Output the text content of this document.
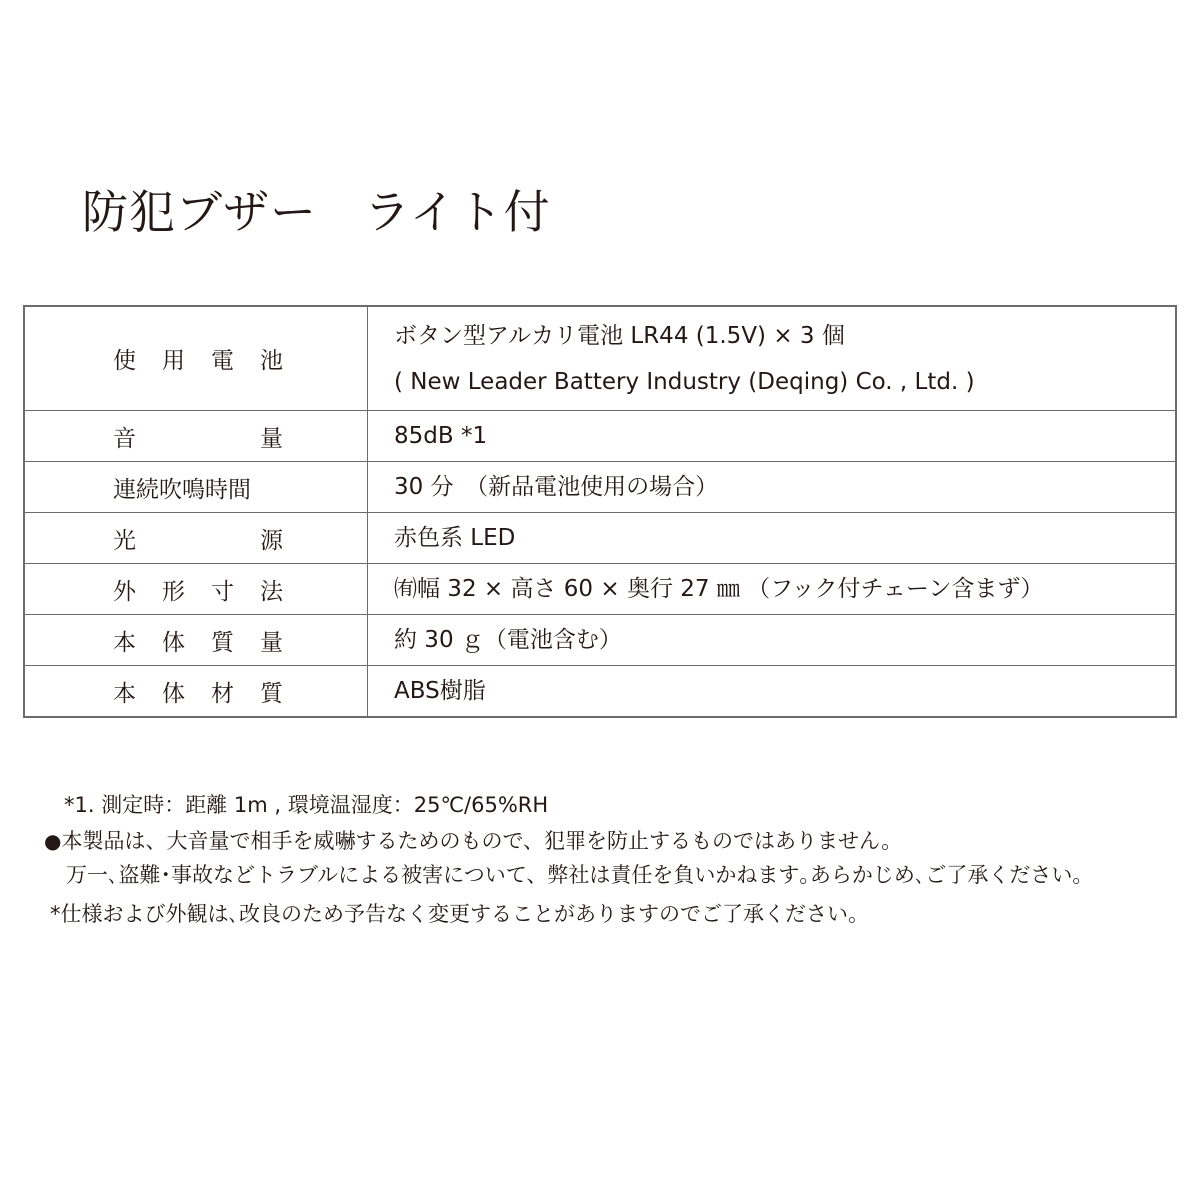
防犯ブザー　ライト付
使 用 電 池	ボタン型アルカリ電池 LR44 (1.5V) × 3 個
( New Leader Battery Industry (Deqing) Co. , Ltd. )

音 量	85dB *1

連続吹鳴時間	30 分　（新品電池使用の場合）

光 源	赤色系 LED

外 形 寸 法	㈲幅 32 × 高さ 60 × 奥行 27 ㎜ （フック付チェーン含まず）

本 体 質 量	約 30 ｇ（電池含む）

本 体 材 質	ABS樹脂
*1. 測定時：距離 1m , 環境温湿度：25℃/65%RH
●本製品は、大音量で相手を威嚇するためのもので、犯罪を防止するものではありません。
万一､盗難･事故などトラブルによる被害について、弊社は責任を負いかねます｡あらかじめ､ご了承ください。
*仕様および外観は､改良のため予告なく変更することがありますのでご了承ください。
